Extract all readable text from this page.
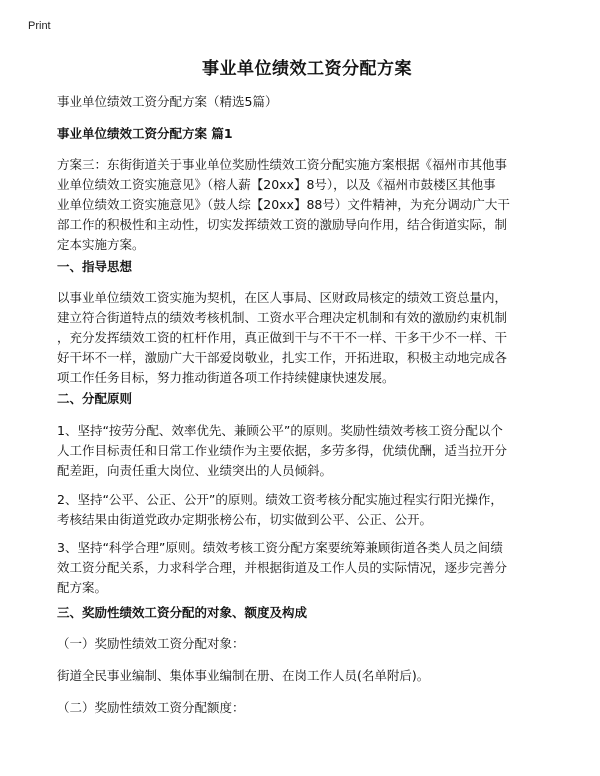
Print
事业单位绩效工资分配方案
事业单位绩效工资分配方案（精选5篇）
事业单位绩效工资分配方案 篇1
方案三：东街街道关于事业单位奖励性绩效工资分配实施方案根据《福州市其他事
业单位绩效工资实施意见》（榕人薪【20xx】8号），以及《福州市鼓楼区其他事
业单位绩效工资实施意见》（鼓人综【20xx】88号）文件精神，为充分调动广大干
部工作的积极性和主动性，切实发挥绩效工资的激励导向作用，结合街道实际，制
定本实施方案。
一、指导思想
以事业单位绩效工资实施为契机，在区人事局、区财政局核定的绩效工资总量内，
建立符合街道特点的绩效考核机制、工资水平合理决定机制和有效的激励约束机制
，充分发挥绩效工资的杠杆作用，真正做到干与不干不一样、干多干少不一样、干
好干坏不一样，激励广大干部爱岗敬业，扎实工作，开拓进取，积极主动地完成各
项工作任务目标，努力推动街道各项工作持续健康快速发展。
二、分配原则
1、坚持“按劳分配、效率优先、兼顾公平”的原则。奖励性绩效考核工资分配以个
人工作目标责任和日常工作业绩作为主要依据，多劳多得，优绩优酬，适当拉开分
配差距，向责任重大岗位、业绩突出的人员倾斜。
2、坚持“公平、公正、公开”的原则。绩效工资考核分配实施过程实行阳光操作，
考核结果由街道党政办定期张榜公布，切实做到公平、公正、公开。
3、坚持“科学合理”原则。绩效考核工资分配方案要统筹兼顾街道各类人员之间绩
效工资分配关系，力求科学合理，并根据街道及工作人员的实际情况，逐步完善分
配方案。
三、奖励性绩效工资分配的对象、额度及构成
（一）奖励性绩效工资分配对象：
街道全民事业编制、集体事业编制在册、在岗工作人员(名单附后)。
（二）奖励性绩效工资分配额度：
